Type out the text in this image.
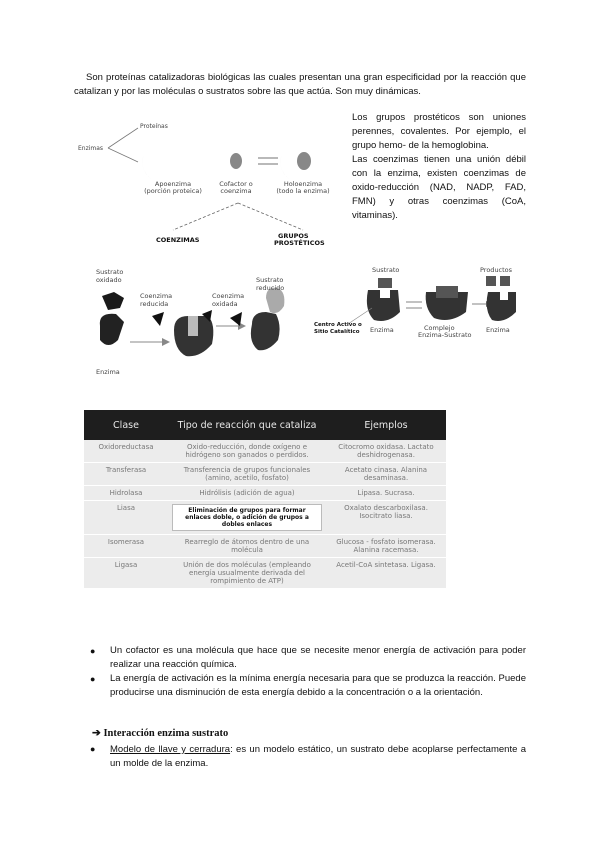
Son proteínas catalizadoras biológicas las cuales presentan una gran especificidad por la reacción que catalizan y por las moléculas o sustratos sobre las que actúa. Son muy dinámicas.
Enzimas
Proteínas
Apoenzima
(porción proteica)
Cofactor o
coenzima
Holoenzima
(todo la enzima)
COENZIMAS	GRUPOS
PROSTÉTICOS
Los grupos prostéticos son uniones perennes, covalentes. Por ejemplo, el grupo hemo- de la hemoglobina.
Las coenzimas tienen una unión débil con la enzima, existen coenzimas de oxido-reducción (NAD, NADP, FAD, FMN) y otras coenzimas (CoA, vitaminas).
Sustrato
oxidado
Coenzima
reducida
Coenzima
oxidada
Sustrato
reducido
Enzima
Sustrato	Productos
Centro Activo o
Sitio Catalítico Enzima	Complejo
Enzima-Sustrato
Enzima
Clase	Tipo de reacción que cataliza	Ejemplos
Oxidoreductasa	Oxido-reducción, donde oxígeno e hidrógeno son ganados o perdidos.	Citocromo oxidasa. Lactato deshidrogenasa.
Transferasa	Transferencia de grupos funcionales (amino, acetilo, fosfato)	Acetato cinasa. Alanina desaminasa.
Hidrolasa	Hidrólisis (adición de agua)	Lipasa. Sucrasa.
Liasa	Eliminación de grupos para formar enlaces doble, o adición de grupos a dobles enlaces	Oxalato descarboxilasa. Isocitrato liasa.
Isomerasa	Rearreglo de átomos dentro de una molécula	Glucosa - fosfato isomerasa. Alanina racemasa.
Ligasa	Unión de dos moléculas (empleando energía usualmente derivada del rompimiento de ATP)	Acetil-CoA sintetasa. Ligasa.
● Un cofactor es una molécula que hace que se necesite menor energía de activación para poder realizar una reacción química.
● La energía de activación es la mínima energía necesaria para que se produzca la reacción. Puede producirse una disminución de esta energía debido a la concentración o a la orientación.
➔ Interacción enzima sustrato
● Modelo de llave y cerradura: es un modelo estático, un sustrato debe acoplarse perfectamente a un molde de la enzima.
